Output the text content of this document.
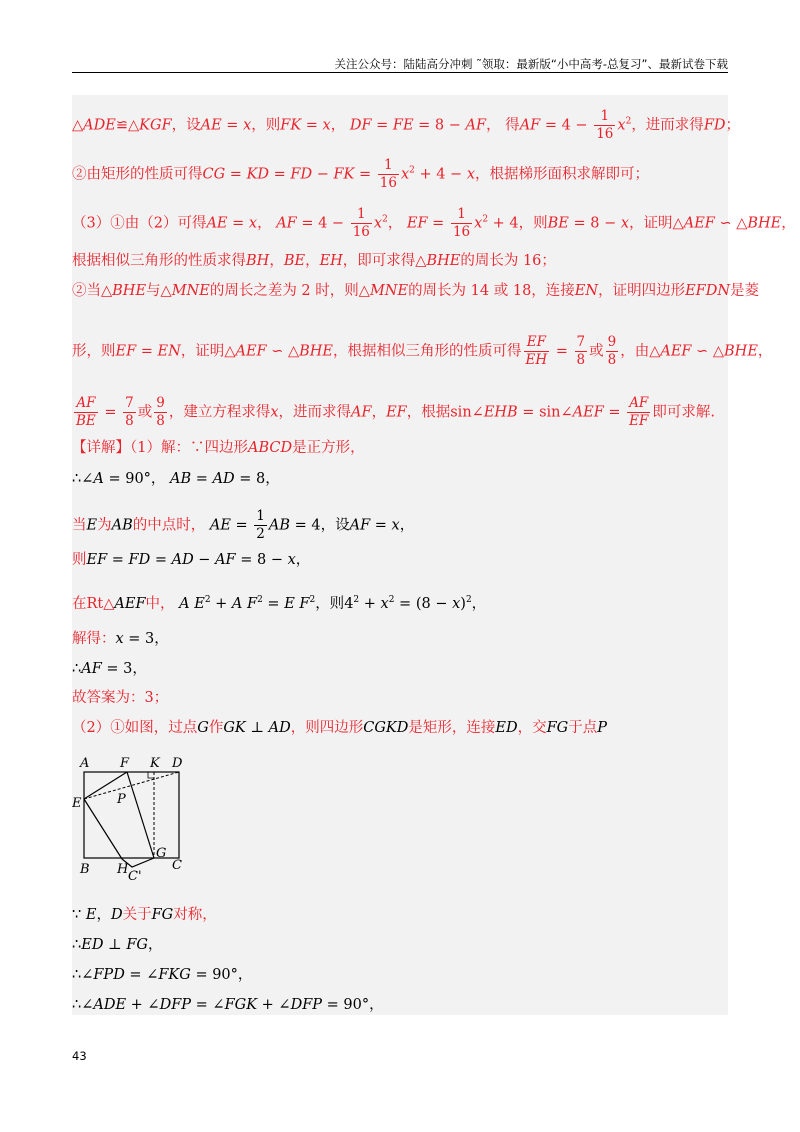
关注公众号：陆陆高分冲刺 ˜领取：最新版“小中高考-总复习”、最新试卷下载
△ADE≌△KGF，设AE = x，则FK = x， DF = FE = 8 − AF， 得AF = $4 - \frac{1}{16} x^2$，进而求得FD；
②由矩形的性质可得CG = KD = FD − FK = $\frac{1}{16} x^2 + 4 - x$，根据梯形面积求解即可；
（3）①由（2）可得AE = x， AF = $4 - \frac{1}{16} x^2$， EF = $\frac{1}{16} x^2 + 4$，则BE = 8 − x，证明△AEF ∽ △BHE，
根据相似三角形的性质求得BH，BE，EH，即可求得△BHE的周长为 16；
②当△BHE与△MNE的周长之差为 2 时，则△MNE的周长为 14 或 18，连接EN，证明四边形EFDN是菱
形，则EF = EN，证明△AEF ∽ △BHE，根据相似三角形的性质可得 $\frac{EF}{EH} = \frac{7}{8}$ 或 $\frac{9}{8}$ ，由△AEF ∽ △BHE，
$\frac{AF}{BE} = \frac{7}{8}$ 或 $\frac{9}{8}$ ，建立方程求得x，进而求得AF，EF，根据sin∠EHB = sin∠AEF = $\frac{AF}{EF}$ 即可求解.
【详解】（1）解：∵四边形ABCD是正方形，
∴∠A = 90°， AB = AD = 8，
当E为AB的中点时， AE = $\frac{1}{2}$ AB = 4，设AF = x，
则EF = FD = AD − AF = 8 − x，
在Rt△AEF中， A $E^2 + A$ $F^2 = E$ $F^2$，则$4^2 + x^2 = (8 - x)^2$，
解得：x = 3，
∴AF = 3，
故答案为：3；
（2）①如图，过点G作GK ⊥ AD，则四边形CGKD是矩形，连接ED，交FG于点P
∵ E，D关于FG对称，
∴ED ⊥ FG，
∴∠FPD = ∠FKG = 90°，
∴∠ADE + ∠DFP = ∠FGK + ∠DFP = 90°，
A F K D
E	P
G
B H	C
C'
43
